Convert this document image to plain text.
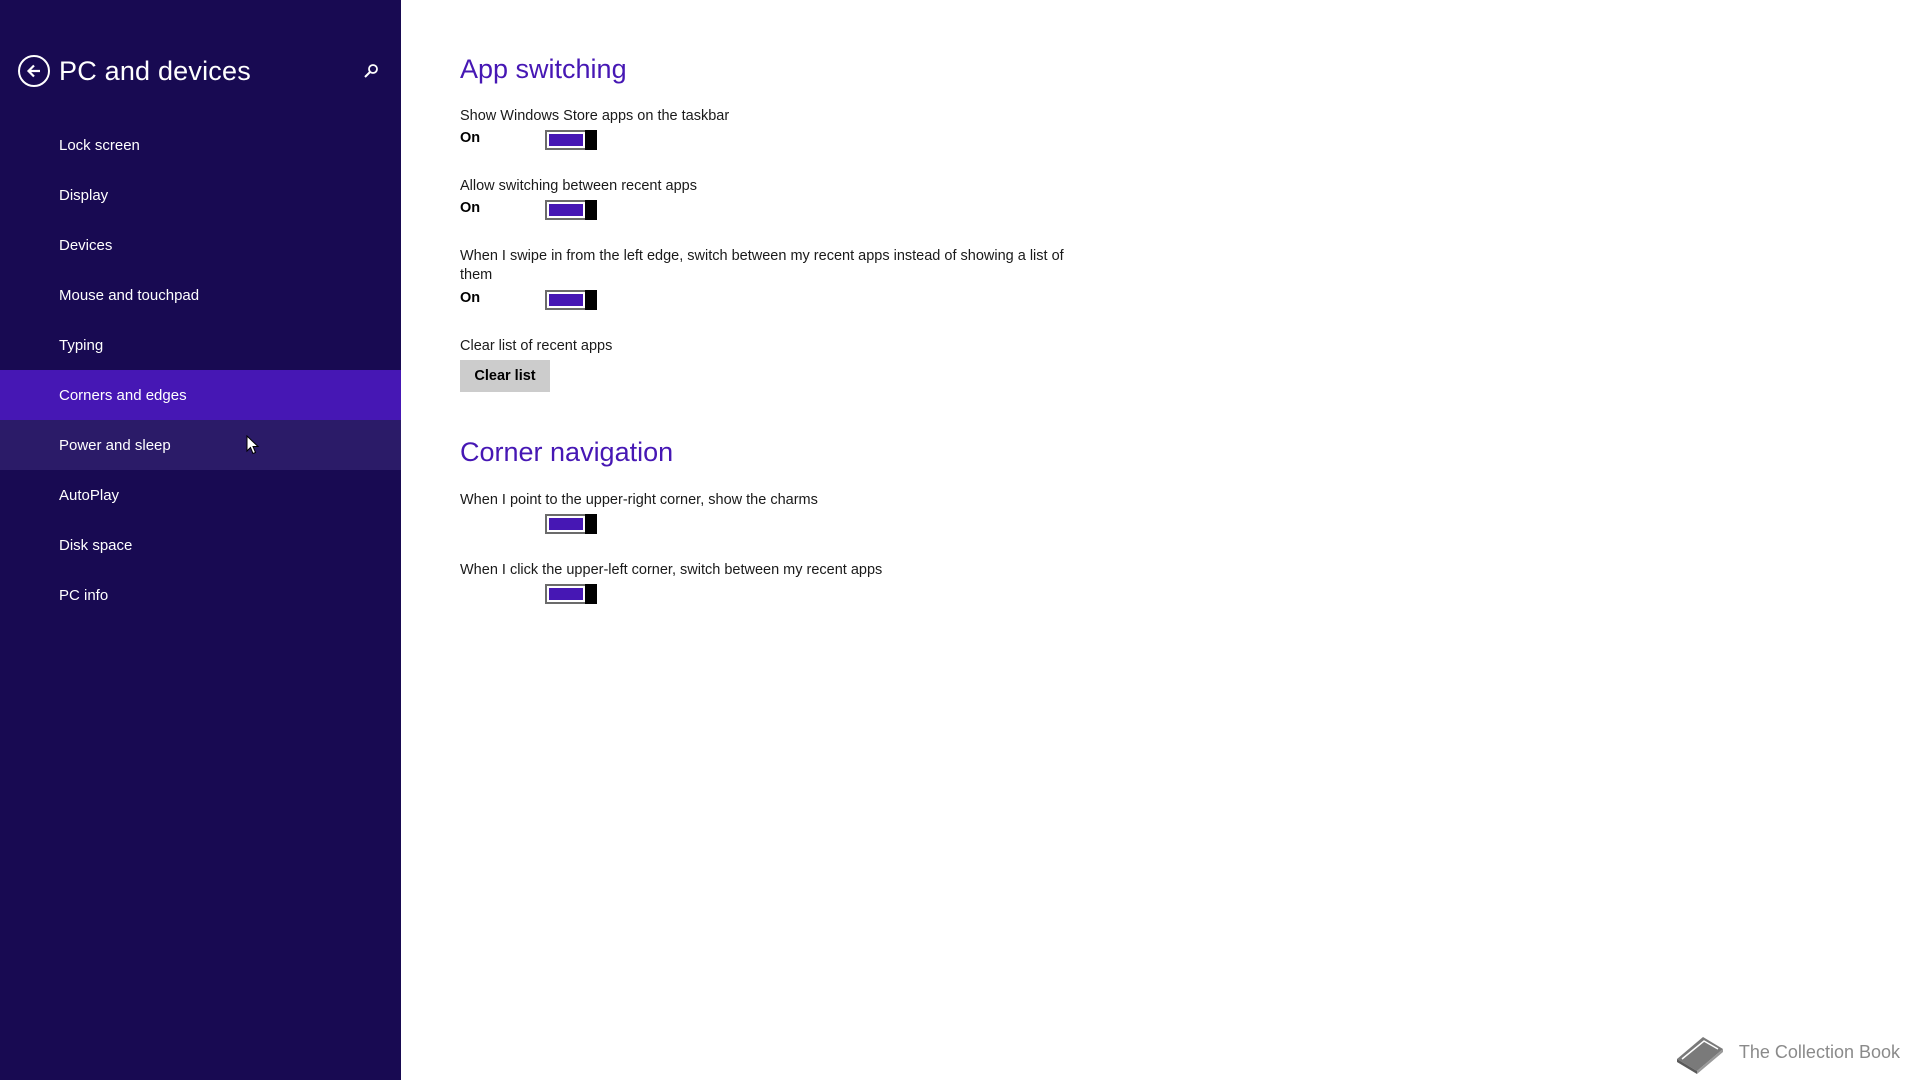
PC and devices
Lock screen
Display
Devices
Mouse and touchpad
Typing
Corners and edges
Power and sleep
AutoPlay
Disk space
PC info
App switching
Show Windows Store apps on the taskbar
On
Allow switching between recent apps
On
When I swipe in from the left edge, switch between my recent apps instead of showing a list of them
On
Clear list of recent apps
Clear list
Corner navigation
When I point to the upper-right corner, show the charms
When I click the upper-left corner, switch between my recent apps
The Collection Book
